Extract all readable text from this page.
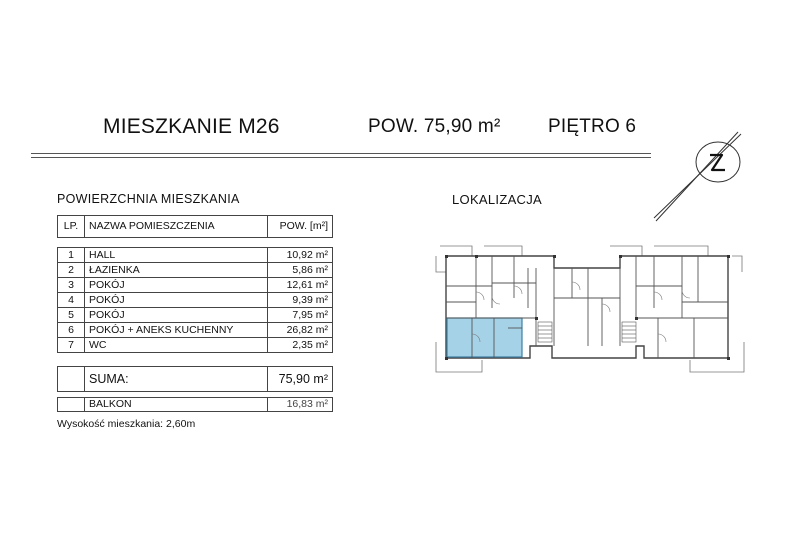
MIESZKANIE M26	POW. 75,90 m²	PIĘTRO 6
POWIERZCHNIA MIESZKANIA
LP.	NAZWA POMIESZCZENIA	POW. [m²]

1	HALL	10,92 m²
2	ŁAZIENKA	5,86 m²
3	POKÓJ	12,61 m²
4	POKÓJ	9,39 m²
5	POKÓJ	7,95 m²
6	POKÓJ + ANEKS KUCHENNY	26,82 m²
7	WC	2,35 m²
SUMA:	75,90 m²
BALKON	16,83 m²
Wysokość mieszkania: 2,60m
LOKALIZACJA
